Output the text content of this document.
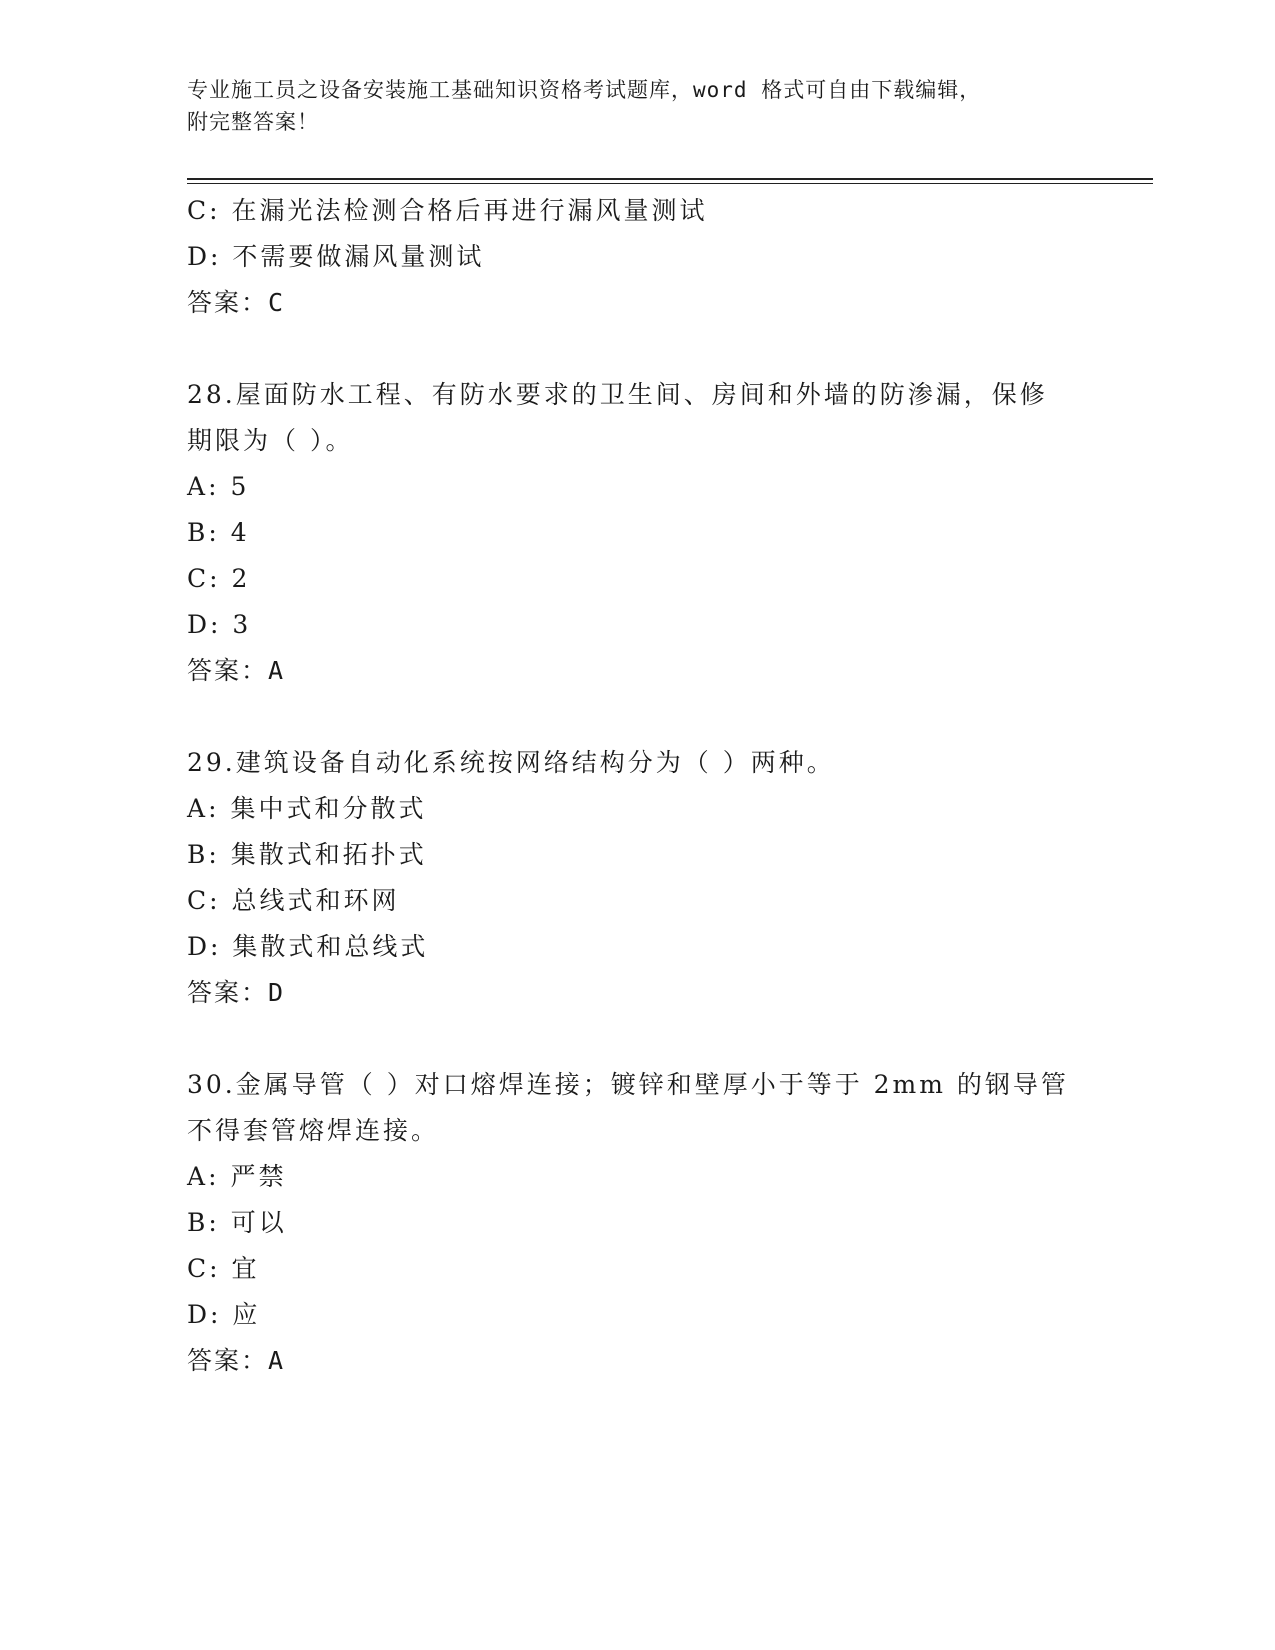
专业施工员之设备安装施工基础知识资格考试题库，word 格式可自由下载编辑，
附完整答案！
C: 在漏光法检测合格后再进行漏风量测试
D: 不需要做漏风量测试
答案：C
28.屋面防水工程、有防水要求的卫生间、房间和外墙的防渗漏，保修
期限为（ ）。
A: 5
B: 4
C: 2
D: 3
答案：A
29.建筑设备自动化系统按网络结构分为（ ）两种。
A: 集中式和分散式
B: 集散式和拓扑式
C: 总线式和环网
D: 集散式和总线式
答案：D
30.金属导管（ ）对口熔焊连接；镀锌和壁厚小于等于 2mm 的钢导管
不得套管熔焊连接。
A: 严禁
B: 可以
C: 宜
D: 应
答案：A
